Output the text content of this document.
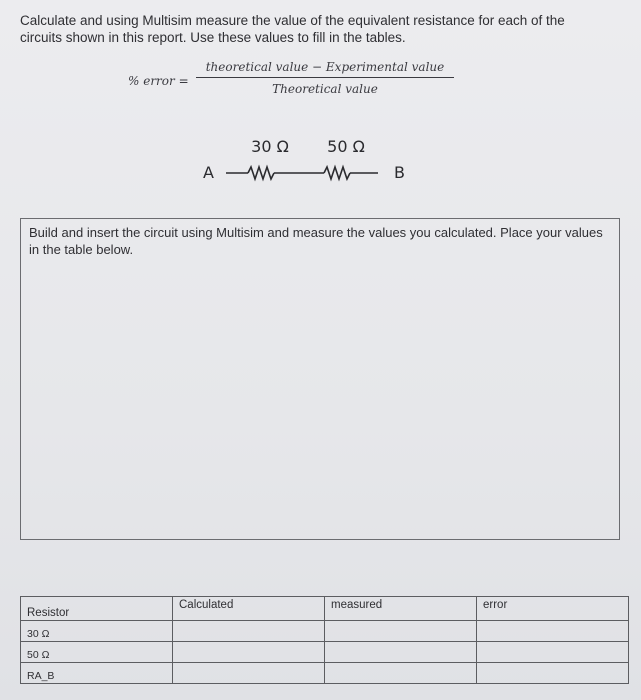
Calculate and using Multisim measure the value of the equivalent resistance for each of the circuits shown in this report. Use these values to fill in the tables.
% error =
theoretical value − Experimental value
Theoretical value
30 Ω 50 Ω
A	B
Build and insert the circuit using Multisim and measure the values you calculated. Place your values in the table below.
Resistor	Calculated	measured	error
30 Ω			
50 Ω			
RA_B			
